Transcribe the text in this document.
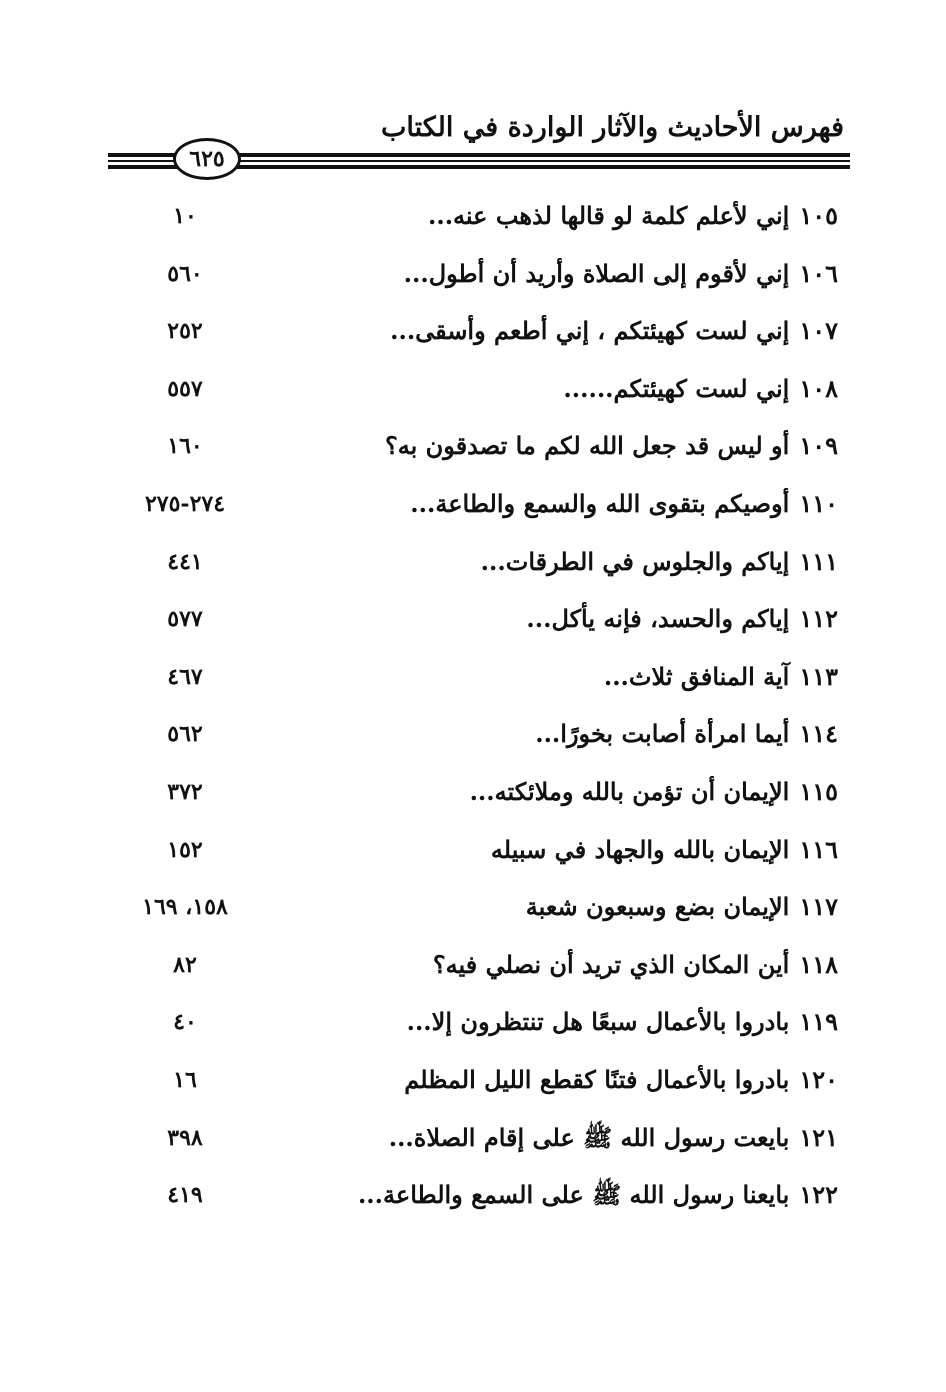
فهرس الأحاديث والآثار الواردة في الكتاب
٦٢٥
١٠٥إني لأعلم كلمة لو قالها لذهب عنه...
١٠
١٠٦إني لأقوم إلى الصلاة وأريد أن أطول...
٥٦٠
١٠٧إني لست كهيئتكم ، إني أطعم وأسقى...
٢٥٢
١٠٨إني لست كهيئتكم......
٥٥٧
١٠٩أو ليس قد جعل الله لكم ما تصدقون به؟
١٦٠
١١٠أوصيكم بتقوى الله والسمع والطاعة...
٢٧٤-٢٧٥
١١١إياكم والجلوس في الطرقات...
٤٤١
١١٢إياكم والحسد، فإنه يأكل...
٥٧٧
١١٣آية المنافق ثلاث...
٤٦٧
١١٤أيما امرأة أصابت بخورًا...
٥٦٢
١١٥الإيمان أن تؤمن بالله وملائكته...
٣٧٢
١١٦الإيمان بالله والجهاد في سبيله
١٥٢
١١٧الإيمان بضع وسبعون شعبة
١٥٨، ١٦٩
١١٨أين المكان الذي تريد أن نصلي فيه؟
٨٢
١١٩بادروا بالأعمال سبعًا هل تنتظرون إلا...
٤٠
١٢٠بادروا بالأعمال فتنًا كقطع الليل المظلم
١٦
١٢١بايعت رسول الله ﷺ على إقام الصلاة...
٣٩٨
١٢٢بايعنا رسول الله ﷺ على السمع والطاعة...
٤١٩
